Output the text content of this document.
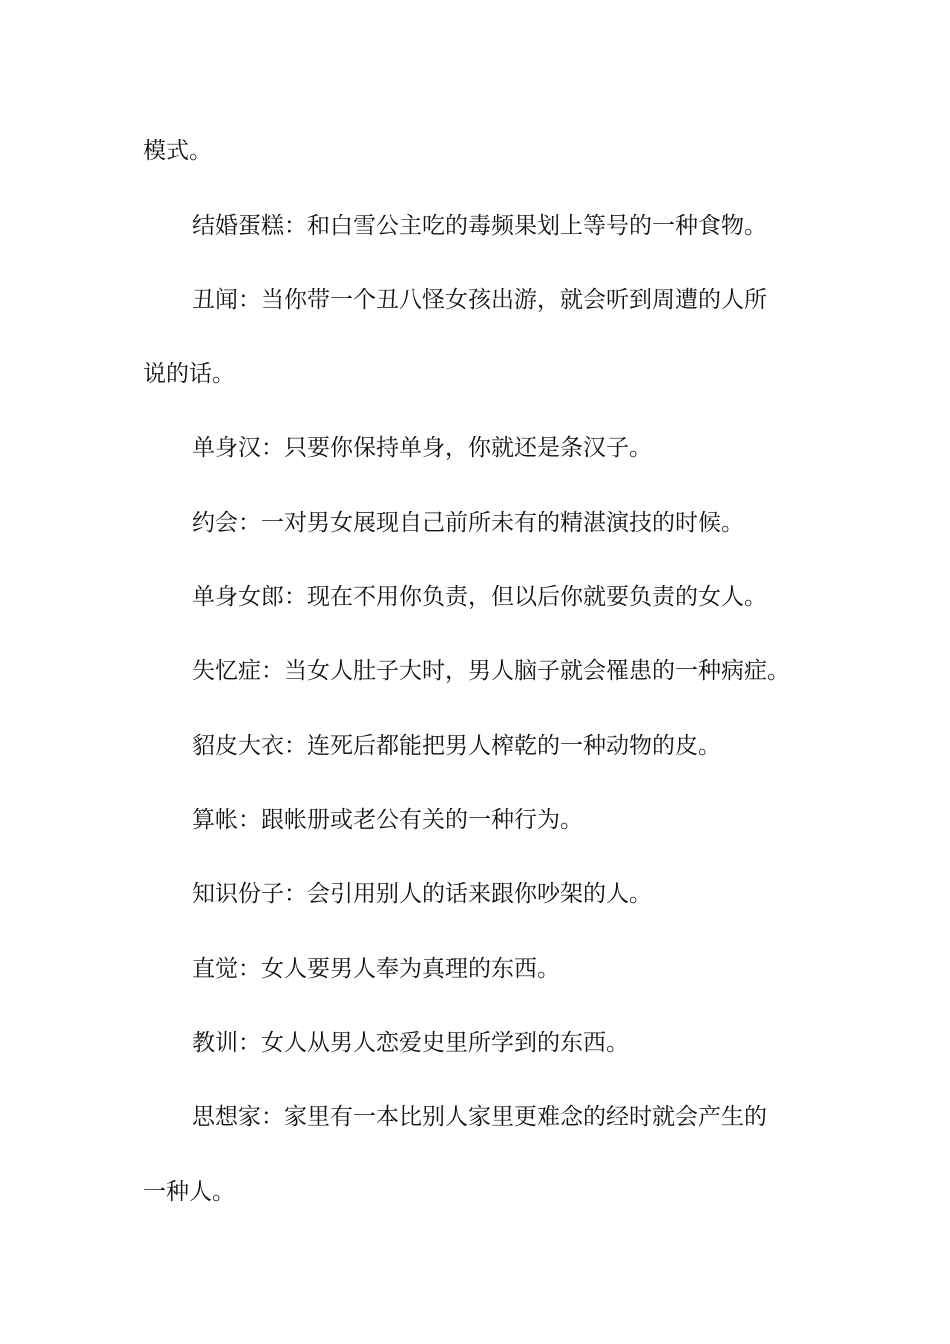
模式。

结婚蛋糕：和白雪公主吃的毒频果划上等号的一种食物。

丑闻：当你带一个丑八怪女孩出游，就会听到周遭的人所

说的话。

单身汉：只要你保持单身，你就还是条汉子。

约会：一对男女展现自己前所未有的精湛演技的时候。

单身女郎：现在不用你负责，但以后你就要负责的女人。

失忆症：当女人肚子大时，男人脑子就会罹患的一种病症。

貂皮大衣：连死后都能把男人榨乾的一种动物的皮。

算帐：跟帐册或老公有关的一种行为。

知识份子：会引用别人的话来跟你吵架的人。

直觉：女人要男人奉为真理的东西。

教训：女人从男人恋爱史里所学到的东西。

思想家：家里有一本比别人家里更难念的经时就会产生的

一种人。
